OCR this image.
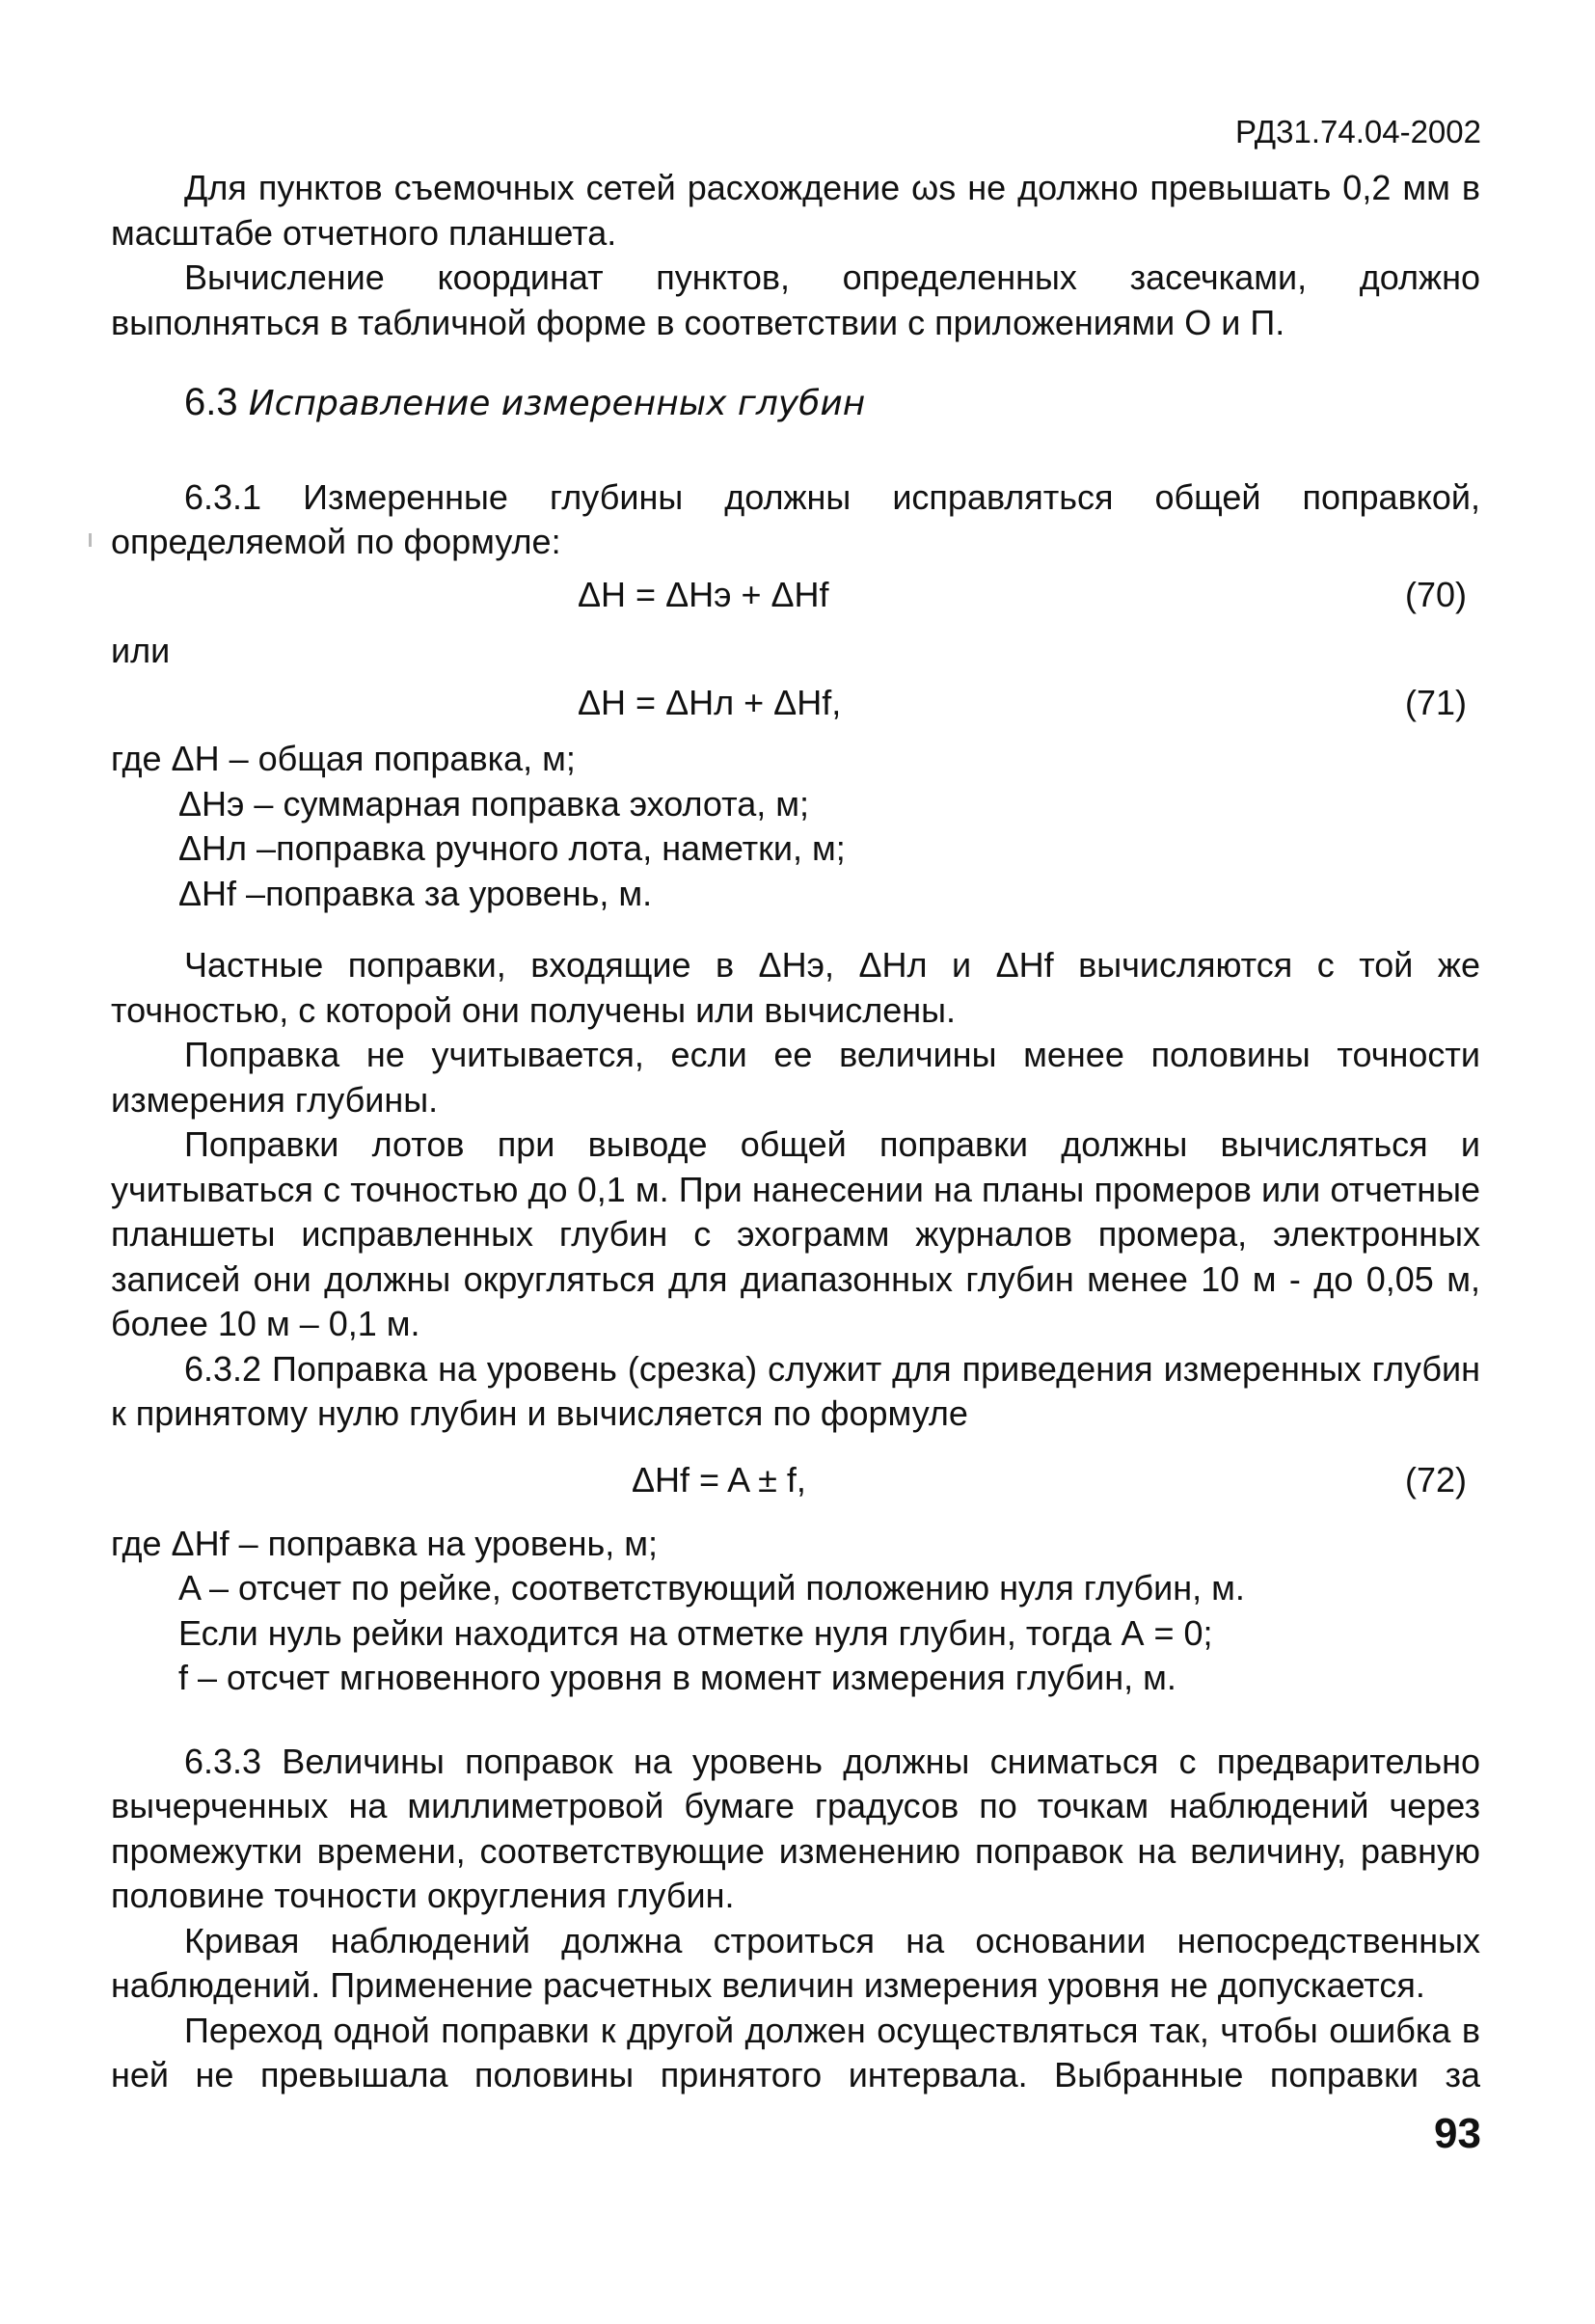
РД31.74.04-2002

Для пунктов съемочных сетей расхождение ωs не должно превышать 0,2 мм в масштабе отчетного планшета.

Вычисление координат пунктов, определенных засечками, должно выполняться в табличной форме в соответствии с приложениями О и П.

6.3 Исправление измеренных глубин

6.3.1 Измеренные глубины должны исправляться общей поправкой, определяемой по формуле:

ΔH = ΔHэ + ΔHf	(70)

или

ΔH = ΔHл + ΔHf,	(71)

где ΔH – общая поправка, м;

ΔHэ – суммарная поправка эхолота, м;

ΔHл –поправка ручного лота, наметки, м;

ΔHf –поправка за уровень, м.

Частные поправки, входящие в ΔHэ, ΔHл и ΔHf вычисляются с той же точностью, с которой они получены или вычислены.

Поправка не учитывается, если ее величины менее половины точности измерения глубины.

Поправки лотов при выводе общей поправки должны вычисляться и учитываться с точностью до 0,1 м. При нанесении на планы промеров или отчетные планшеты исправленных глубин с эхограмм журналов промера, электронных записей они должны округляться для диапазонных глубин менее 10 м - до 0,05 м, более 10 м – 0,1 м.

6.3.2 Поправка на уровень (срезка) служит для приведения измеренных глубин к принятому нулю глубин и вычисляется по формуле

ΔHf = A ± f,	(72)

где ΔHf – поправка на уровень, м;

A – отсчет по рейке, соответствующий положению нуля глубин, м.

Если нуль рейки находится на отметке нуля глубин, тогда А = 0;

f – отсчет мгновенного уровня в момент измерения глубин, м.

6.3.3 Величины поправок на уровень должны сниматься с предварительно вычерченных на миллиметровой бумаге градусов по точкам наблюдений через промежутки времени, соответствующие изменению поправок на величину, равную половине точности округления глубин.

Кривая наблюдений должна строиться на основании непосредственных наблюдений. Применение расчетных величин измерения уровня не допускается.

Переход одной поправки к другой должен осуществляться так, чтобы ошибка в ней не превышала половины принятого интервала. Выбранные поправки за

93
